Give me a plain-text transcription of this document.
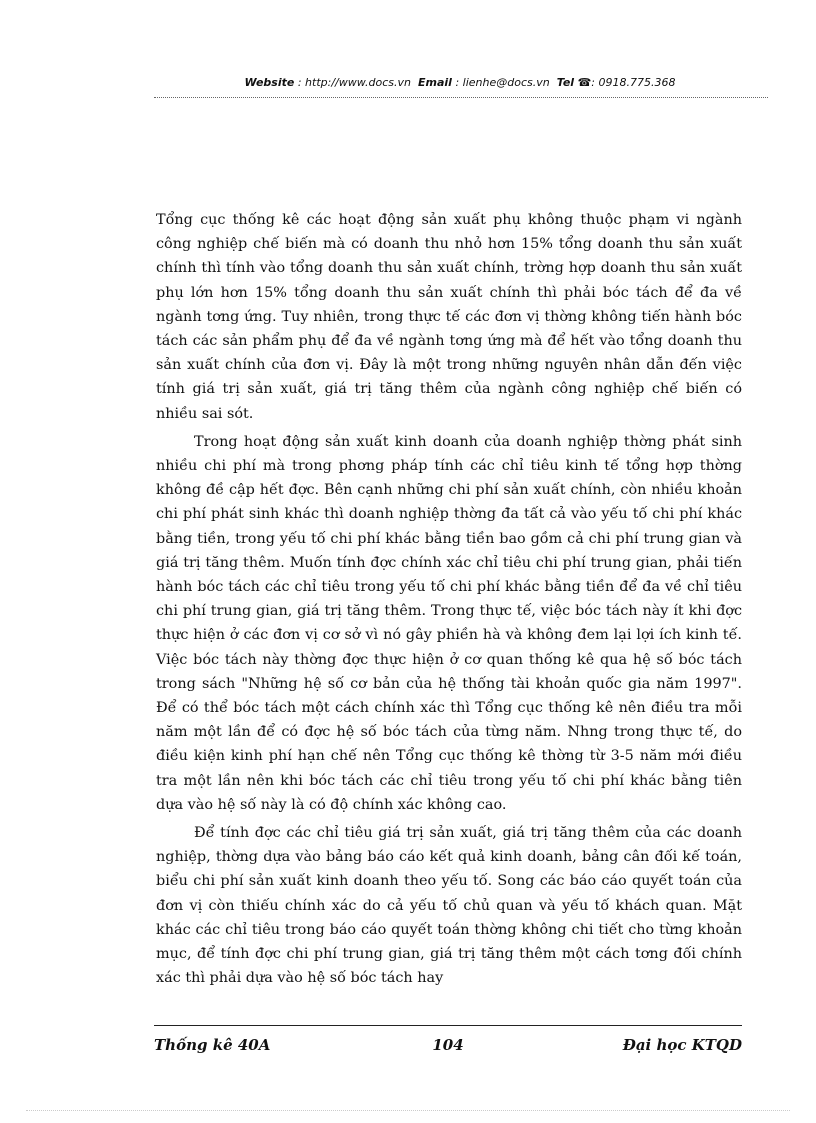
Website : http://www.docs.vn Email : lienhe@docs.vn Tel ☎: 0918.775.368

Tổng cục thống kê các hoạt động sản xuất phụ không thuộc phạm vi ngành công nghiệp chế biến mà có doanh thu nhỏ hơn 15% tổng doanh thu sản xuất chính thì tính vào tổng doanh thu sản xuất chính, trờng hợp doanh thu sản xuất phụ lớn hơn 15% tổng doanh thu sản xuất chính thì phải bóc tách để đa về ngành tơng ứng. Tuy nhiên, trong thực tế các đơn vị thờng không tiến hành bóc tách các sản phẩm phụ để đa về ngành tơng ứng mà để hết vào tổng doanh thu sản xuất chính của đơn vị. Đây là một trong những nguyên nhân dẫn đến việc tính giá trị sản xuất, giá trị tăng thêm của ngành công nghiệp chế biến có nhiều sai sót.

Trong hoạt động sản xuất kinh doanh của doanh nghiệp thờng phát sinh nhiều chi phí mà trong phơng pháp tính các chỉ tiêu kinh tế tổng hợp thờng không đề cập hết đợc. Bên cạnh những chi phí sản xuất chính, còn nhiều khoản chi phí phát sinh khác thì doanh nghiệp thờng đa tất cả vào yếu tố chi phí khác bằng tiền, trong yếu tố chi phí khác bằng tiền bao gồm cả chi phí trung gian và giá trị tăng thêm. Muốn tính đợc chính xác chỉ tiêu chi phí trung gian, phải tiến hành bóc tách các chỉ tiêu trong yếu tố chi phí khác bằng tiền để đa về chỉ tiêu chi phí trung gian, giá trị tăng thêm. Trong thực tế, việc bóc tách này ít khi đợc thực hiện ở các đơn vị cơ sở vì nó gây phiền hà và không đem lại lợi ích kinh tế. Việc bóc tách này thờng đợc thực hiện ở cơ quan thống kê qua hệ số bóc tách trong sách "Những hệ số cơ bản của hệ thống tài khoản quốc gia năm 1997". Để có thể bóc tách một cách chính xác thì Tổng cục thống kê nên điều tra mỗi năm một lần để có đợc hệ số bóc tách của từng năm. Nhng trong thực tế, do điều kiện kinh phí hạn chế nên Tổng cục thống kê thờng từ 3-5 năm mới điều tra một lần nên khi bóc tách các chỉ tiêu trong yếu tố chi phí khác bằng tiên dựa vào hệ số này là có độ chính xác không cao.

Để tính đợc các chỉ tiêu giá trị sản xuất, giá trị tăng thêm của các doanh nghiệp, thờng dựa vào bảng báo cáo kết quả kinh doanh, bảng cân đối kế toán, biểu chi phí sản xuất kinh doanh theo yếu tố. Song các báo cáo quyết toán của đơn vị còn thiếu chính xác do cả yếu tố chủ quan và yếu tố khách quan. Mặt khác các chỉ tiêu trong báo cáo quyết toán thờng không chi tiết cho từng khoản mục, để tính đợc chi phí trung gian, giá trị tăng thêm một cách tơng đối chính xác thì phải dựa vào hệ số bóc tách hay

Thống kê 40A	104	Đại học KTQD
